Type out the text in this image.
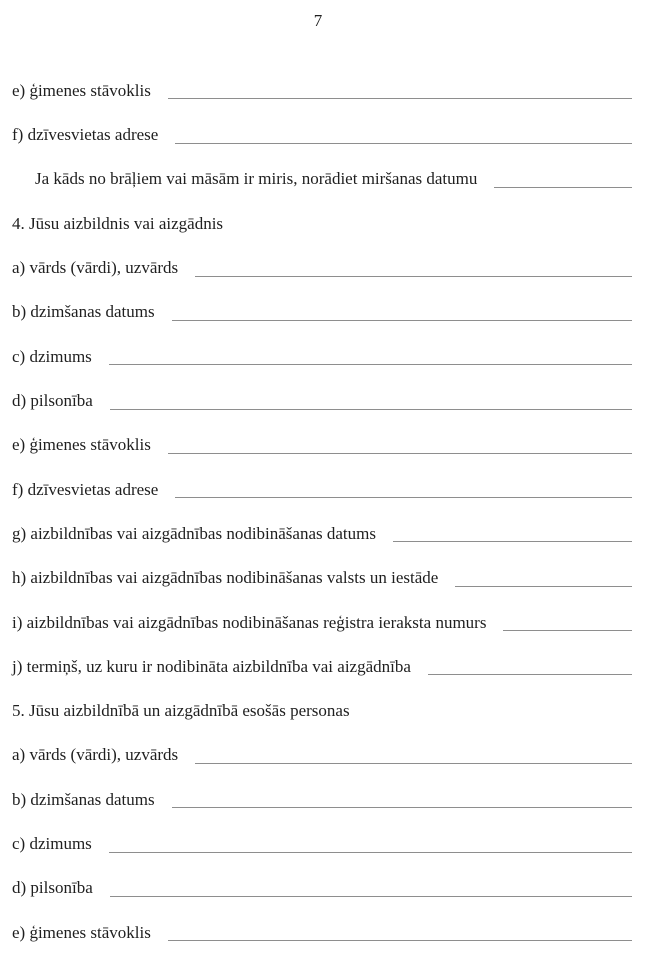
7
e) ģimenes stāvoklis
f) dzīvesvietas adrese
Ja kāds no brāļiem vai māsām ir miris, norādiet miršanas datumu
4. Jūsu aizbildnis vai aizgādnis
a) vārds (vārdi), uzvārds
b) dzimšanas datums
c) dzimums
d) pilsonība
e) ģimenes stāvoklis
f) dzīvesvietas adrese
g) aizbildnības vai aizgādnības nodibināšanas datums
h) aizbildnības vai aizgādnības nodibināšanas valsts un iestāde
i) aizbildnības vai aizgādnības nodibināšanas reģistra ieraksta numurs
j) termiņš, uz kuru ir nodibināta aizbildnība vai aizgādnība
5. Jūsu aizbildnībā un aizgādnībā esošās personas
a) vārds (vārdi), uzvārds
b) dzimšanas datums
c) dzimums
d) pilsonība
e) ģimenes stāvoklis
